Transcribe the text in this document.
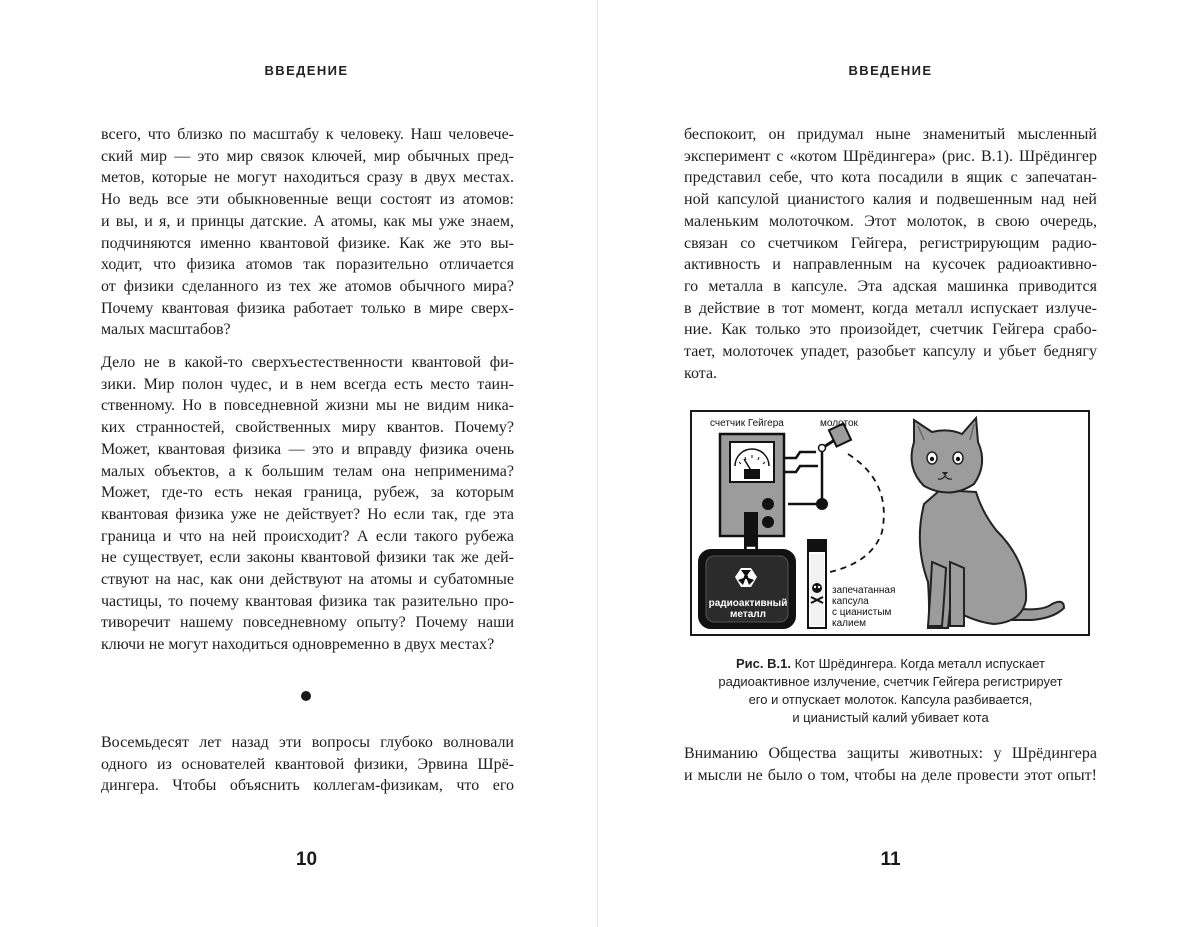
ВВЕДЕНИЕ

всего, что близко по масштабу к человеку. Наш человече-
ский мир — это мир связок ключей, мир обычных пред-
метов, которые не могут находиться сразу в двух местах.
Но ведь все эти обыкновенные вещи состоят из атомов:
и вы, и я, и принцы датские. А атомы, как мы уже знаем,
подчиняются именно квантовой физике. Как же это вы-
ходит, что физика атомов так поразительно отличается
от физики сделанного из тех же атомов обычного мира?
Почему квантовая физика работает только в мире сверх-
малых масштабов?

Дело не в какой-то сверхъестественности квантовой фи-
зики. Мир полон чудес, и в нем всегда есть место таин-
ственному. Но в повседневной жизни мы не видим ника-
ких странностей, свойственных миру квантов. Почему?
Может, квантовая физика — это и вправду физика очень
малых объектов, а к большим телам она неприменима?
Может, где-то есть некая граница, рубеж, за которым
квантовая физика уже не действует? Но если так, где эта
граница и что на ней происходит? А если такого рубежа
не существует, если законы квантовой физики так же дей-
ствуют на нас, как они действуют на атомы и субатомные
частицы, то почему квантовая физика так разительно про-
тиворечит нашему повседневному опыту? Почему наши
ключи не могут находиться одновременно в двух местах?

Восемьдесят лет назад эти вопросы глубоко волновали
одного из основателей квантовой физики, Эрвина Шрё-
дингера. Чтобы объяснить коллегам-физикам, что его

10
ВВЕДЕНИЕ

беспокоит, он придумал ныне знаменитый мысленный
эксперимент с «котом Шрёдингера» (рис. В.1). Шрёдингер
представил себе, что кота посадили в ящик с запечатан-
ной капсулой цианистого калия и подвешенным над ней
маленьким молоточком. Этот молоток, в свою очередь,
связан со счетчиком Гейгера, регистрирующим радио-
активность и направленным на кусочек радиоактивно-
го металла в капсуле. Эта адская машинка приводится
в действие в тот момент, когда металл испускает излуче-
ние. Как только это произойдет, счетчик Гейгера срабо-
тает, молоточек упадет, разобьет капсулу и убьет беднягу
кота.

счетчик Гейгера	молоток
радиоактивный
металл
запечатанная
капсула
с цианистым
калием
Рис. В.1. Кот Шрёдингера. Когда металл испускает
радиоактивное излучение, счетчик Гейгера регистрирует
его и отпускает молоток. Капсула разбивается,
и цианистый калий убивает кота

Вниманию Общества защиты животных: у Шрёдингера
и мысли не было о том, чтобы на деле провести этот опыт!

11
